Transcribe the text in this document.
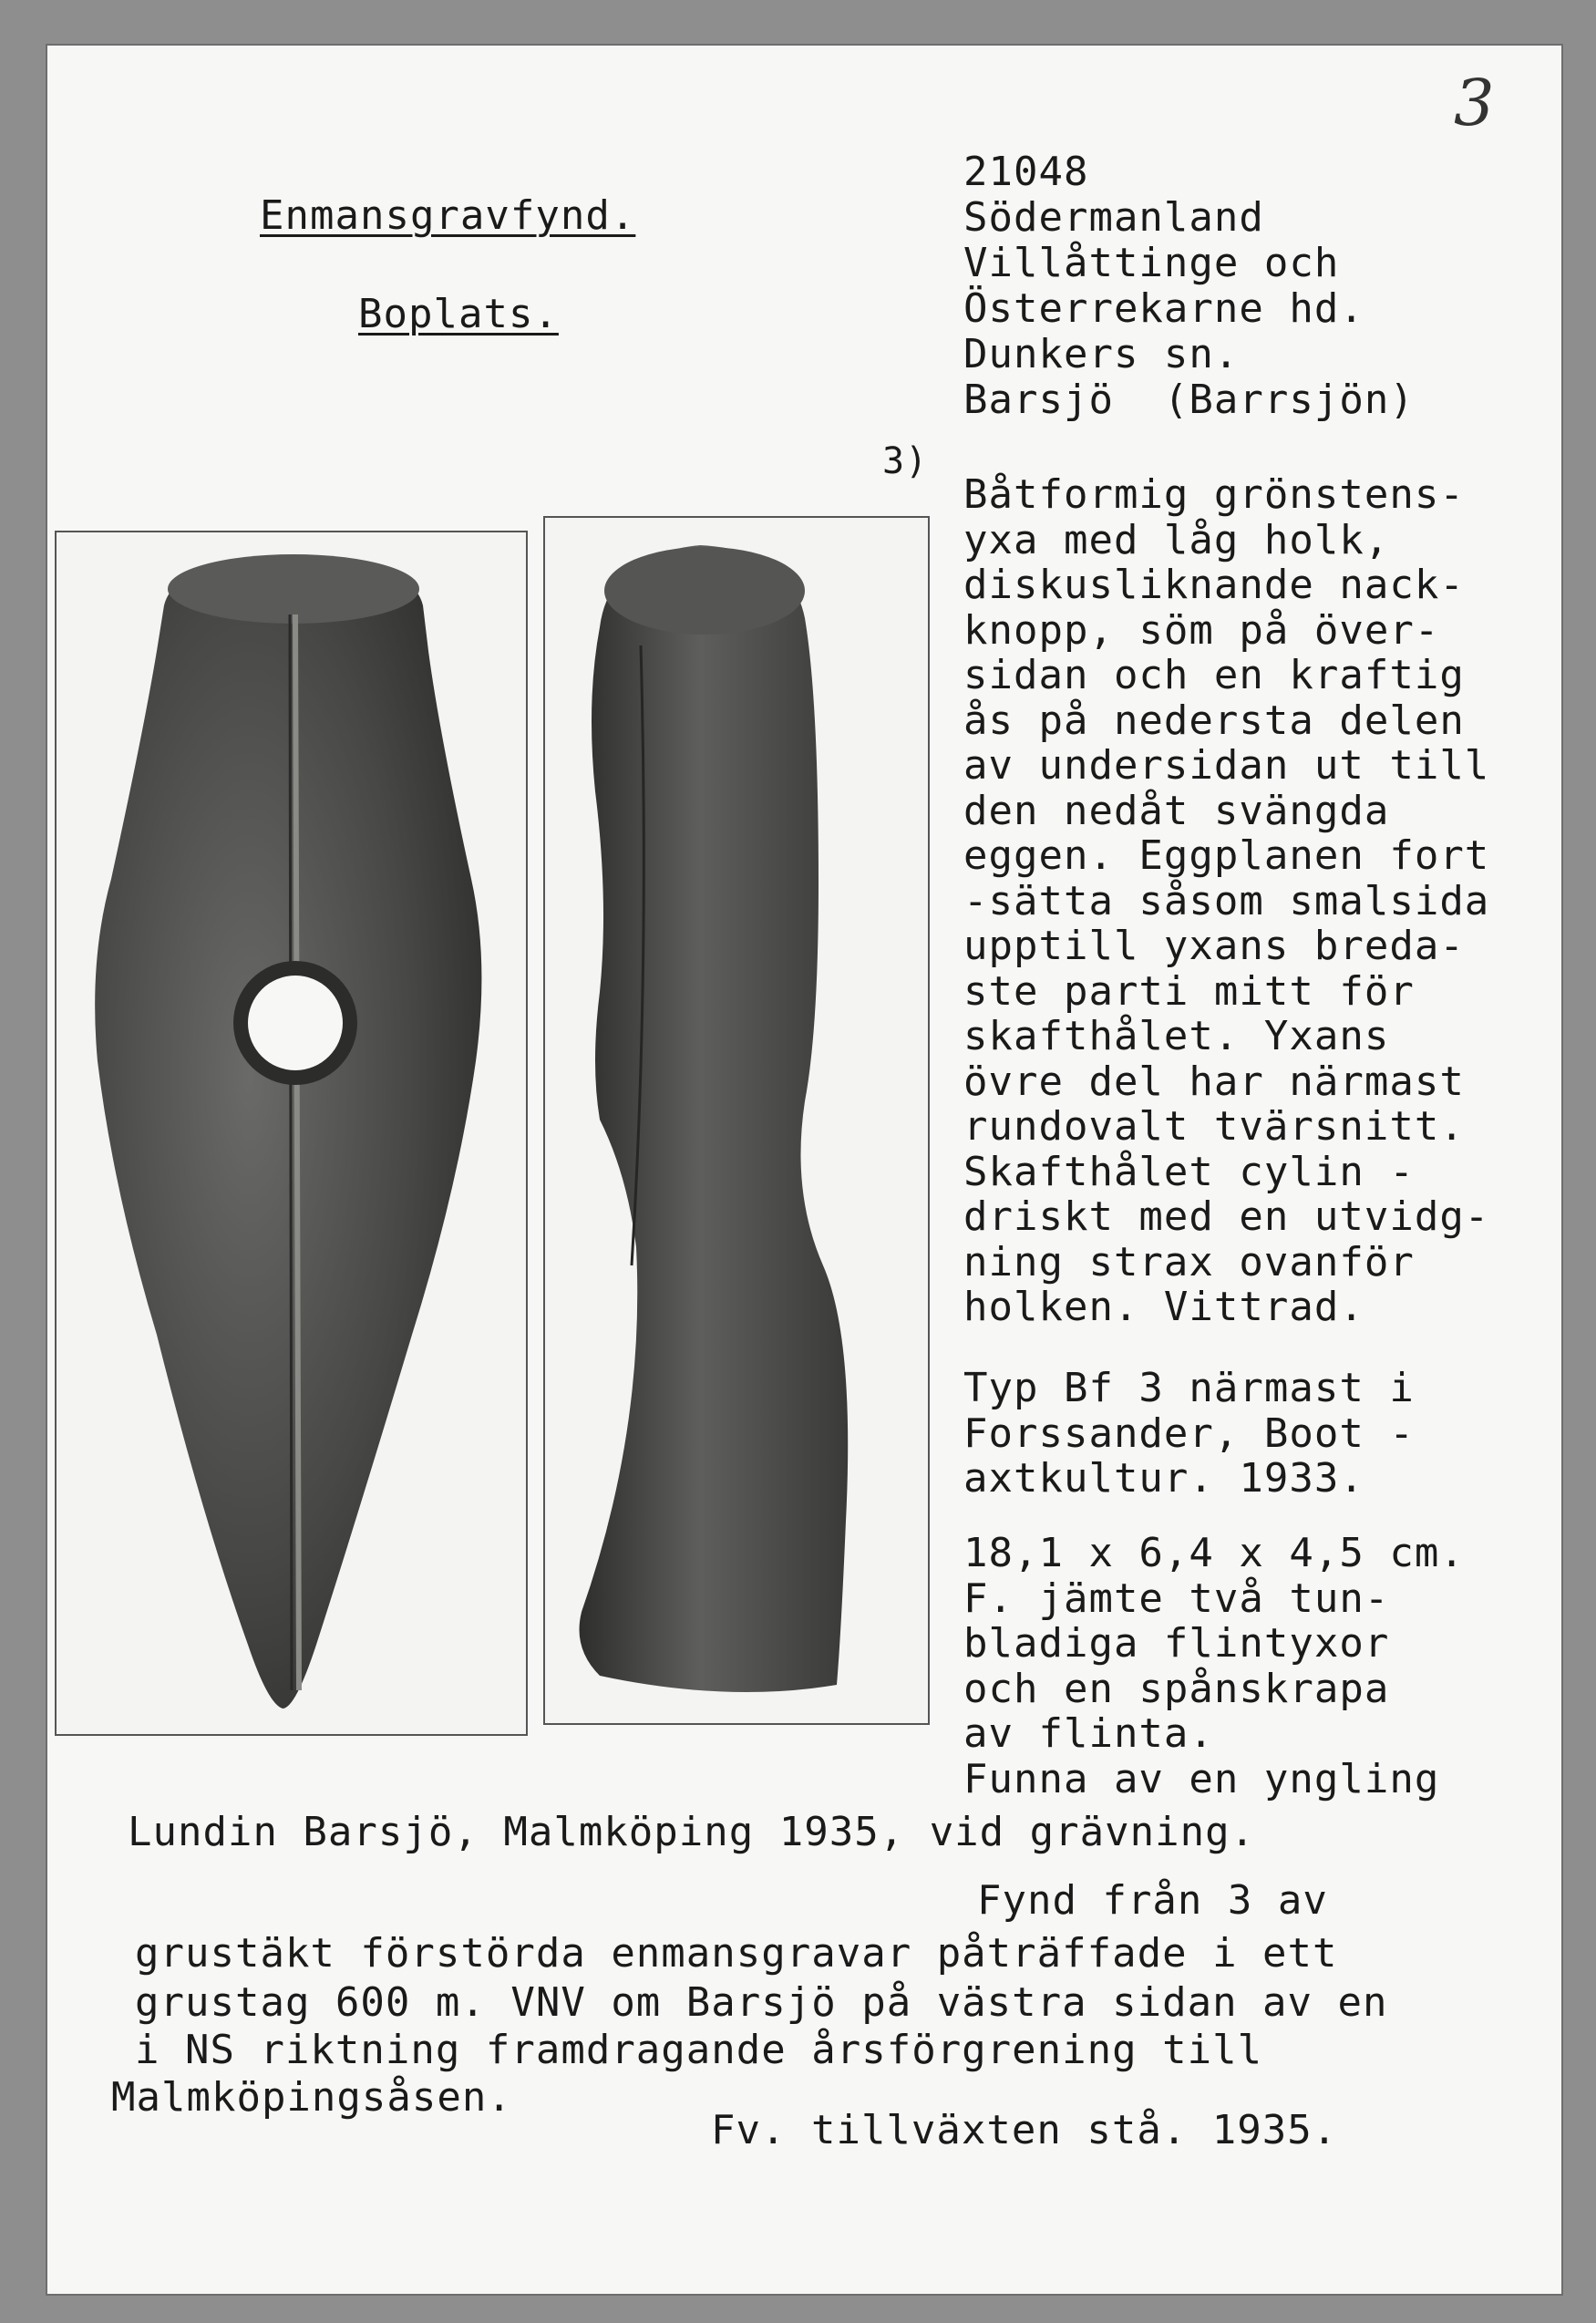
3
Enmansgravfynd.
Boplats.
21048
Södermanland
Villåttinge och
Österrekarne hd.
Dunkers sn.
Barsjö  (Barrsjön)
3)
Båtformig grönstens-
yxa med låg holk,
diskusliknande nack-
knopp, söm på över-
sidan och en kraftig
ås på nedersta delen
av undersidan ut till
den nedåt svängda
eggen. Eggplanen fort
-sätta såsom smalsida
upptill yxans breda-
ste parti mitt för
skafthålet. Yxans
övre del har närmast
rundovalt tvärsnitt.
Skafthålet cylin -
driskt med en utvidg-
ning strax ovanför
holken. Vittrad.
Typ Bf 3 närmast i
Forssander, Boot -
axtkultur. 1933.
18,1 x 6,4 x 4,5 cm.
F. jämte två tun-
bladiga flintyxor
och en spånskrapa
av flinta.
Funna av en yngling
Lundin Barsjö, Malmköping 1935, vid grävning.
Fynd från 3 av
grustäkt förstörda enmansgravar påträffade i ett
grustag 600 m. VNV om Barsjö på västra sidan av en
i NS riktning framdragande årsförgrening till
Malmköpingsåsen.
Fv. tillväxten stå. 1935.
